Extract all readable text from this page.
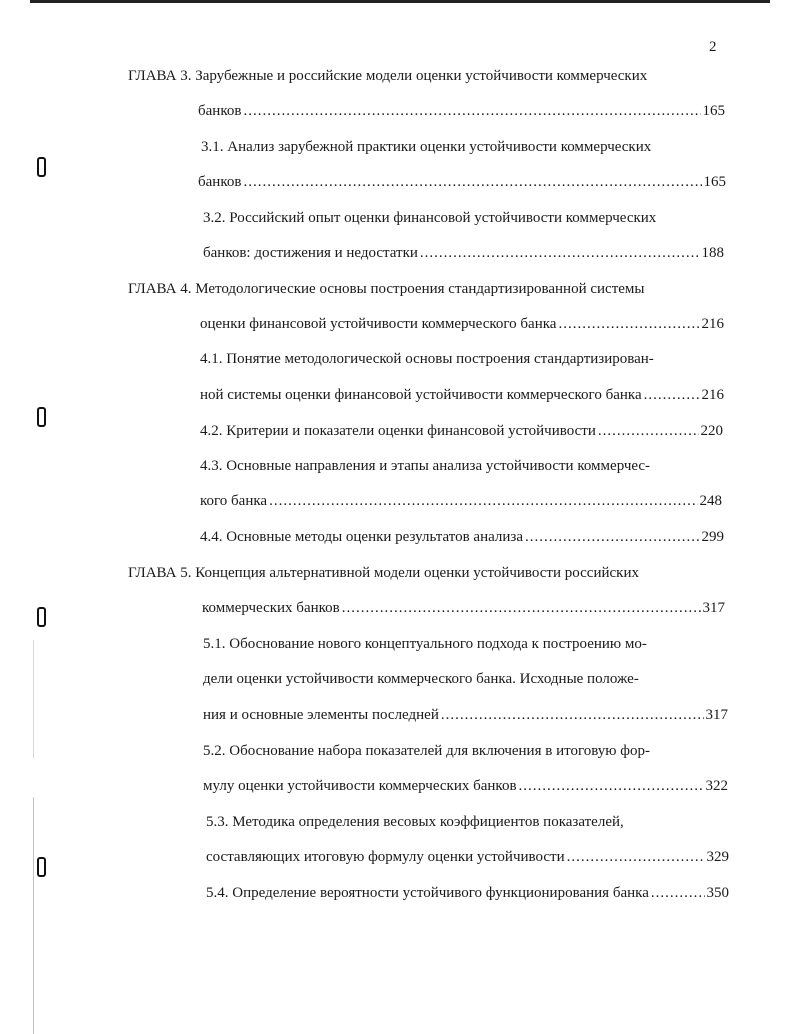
2
ГЛАВА 3. Зарубежные и российские модели оценки устойчивости коммерческих
банков .....	165
3.1. Анализ зарубежной практики оценки устойчивости коммерческих
банков .....	165
3.2. Российский опыт оценки финансовой устойчивости коммерческих
банков: достижения и недостатки .....	188
ГЛАВА 4. Методологические основы построения стандартизированной системы
оценки финансовой устойчивости коммерческого банка .....	216
4.1. Понятие методологической основы построения стандартизирован-
ной системы оценки финансовой устойчивости коммерческого банка .....	216
4.2. Критерии и показатели оценки финансовой устойчивости .....	220
4.3. Основные направления и этапы анализа устойчивости коммерчес-
кого банка .....	248
4.4. Основные методы оценки результатов анализа .....	299
ГЛАВА 5. Концепция альтернативной модели оценки устойчивости российских
коммерческих банков .....	317
5.1. Обоснование нового концептуального подхода к построению мо-
дели оценки устойчивости коммерческого банка. Исходные положе-
ния и основные элементы последней .....	317
5.2. Обоснование набора показателей для включения в итоговую фор-
мулу оценки устойчивости коммерческих банков .....	322
5.3. Методика определения весовых коэффициентов показателей,
составляющих итоговую формулу оценки устойчивости .....	329
5.4. Определение вероятности устойчивого функционирования банка .....	350
